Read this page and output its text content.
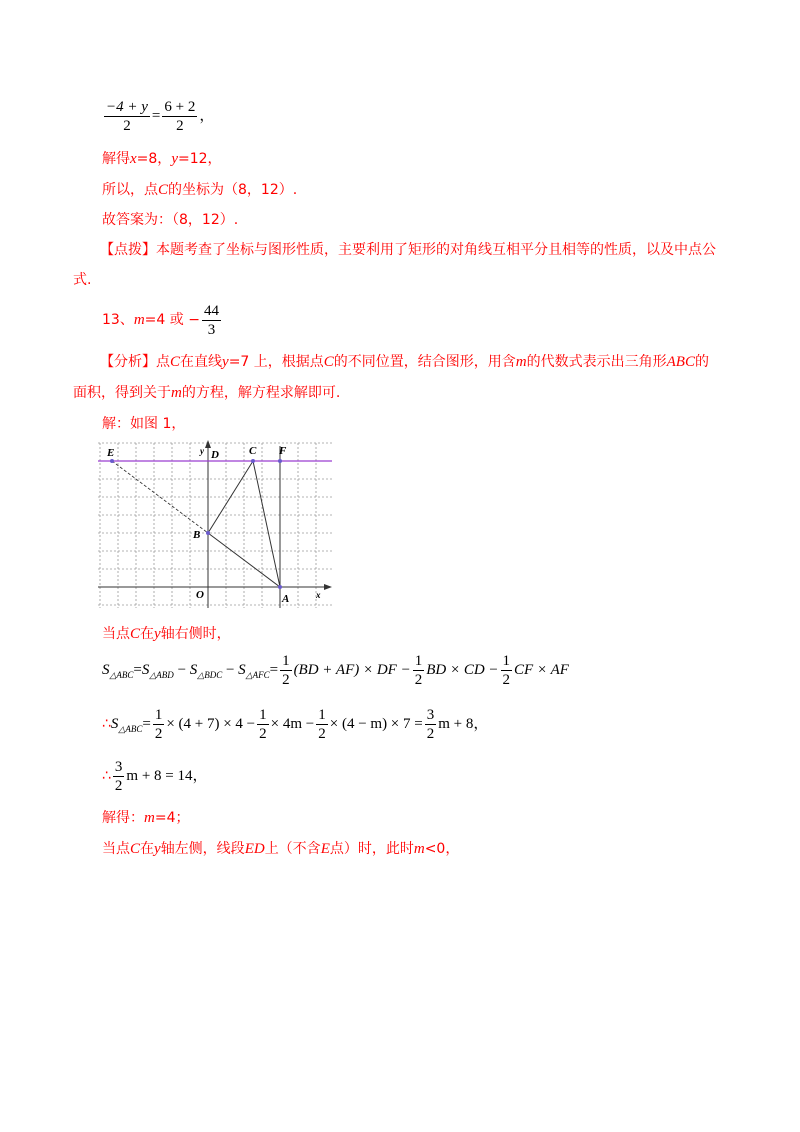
$\frac{-4 + y}{2} = \frac{6 + 2}{2}$ ，
解得x=8，y=12，
所以，点C的坐标为（8，12）.
故答案为：（8，12）.
【点拨】本题考查了坐标与图形性质，主要利用了矩形的对角线互相平分且相等的性质，以及中点公
式.
13、 m =4 或 − $\frac{44}{3}$
【分析】点C在直线y=7 上，根据点C的不同位置，结合图形，用含m的代数式表示出三角形ABC的
面积，得到关于m的方程，解方程求解即可.
解：如图 1，
E	y D	C F
B
O	A	x
当点C在y轴右侧时，
S △ABC = S △ABD − S △BDC − S △AFC = $\frac{1}{2} (BD + AF)$ × DF − $\frac{1}{2}$ BD × CD − $\frac{1}{2}$ CF × AF
∴ S △ABC = $\frac{1}{2} \times (4 + 7) \times 4 - \frac{1}{2} \times 4m - \frac{1}{2} \times (4 - m) \times 7 = \frac{3}{2}$ m + 8 ，
∴ $\frac{3}{2}$ m + 8 = 14 ，
解得：m=4；
当点C在y轴左侧，线段ED上（不含E点）时，此时m<0，
